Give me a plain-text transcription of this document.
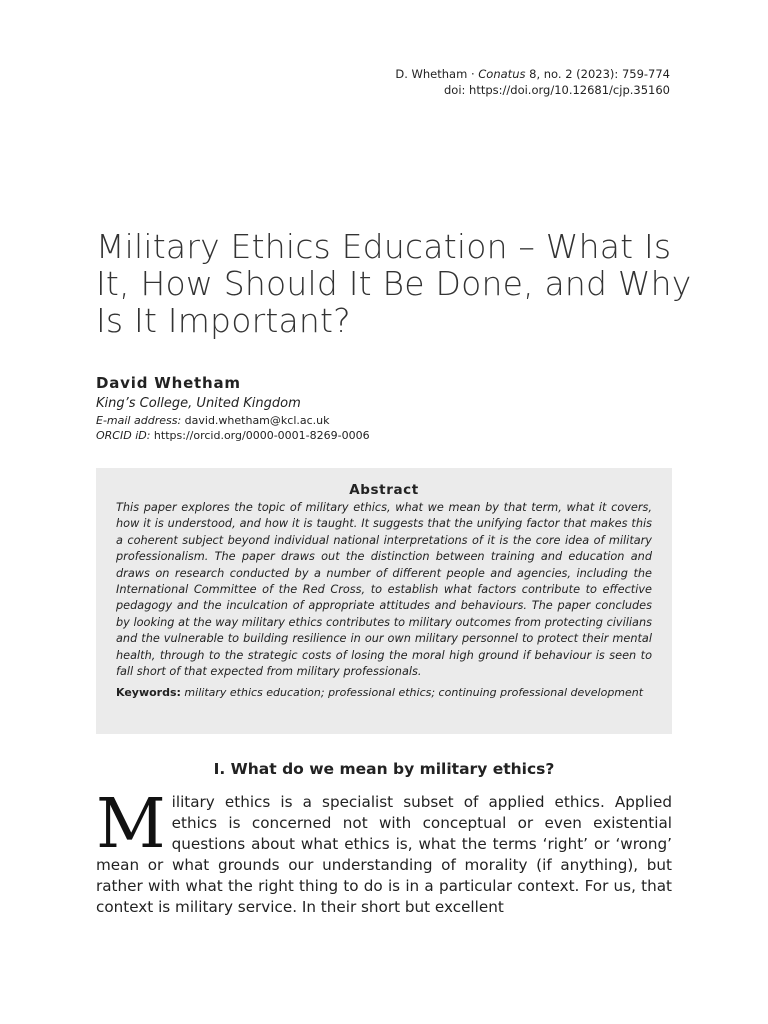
D. Whetham · Conatus 8, no. 2 (2023): 759-774
doi: https://doi.org/10.12681/cjp.35160
Military Ethics Education – What Is It, How Should It Be Done, and Why Is It Important?
David Whetham
King’s College, United Kingdom
E-mail address: david.whetham@kcl.ac.uk
ORCID iD: https://orcid.org/0000-0001-8269-0006
Abstract

This paper explores the topic of military ethics, what we mean by that term, what it covers, how it is understood, and how it is taught. It suggests that the unifying factor that makes this a coherent subject beyond individual national interpretations of it is the core idea of military professionalism. The paper draws out the distinction between training and education and draws on research conducted by a number of different people and agencies, including the International Committee of the Red Cross, to establish what factors contribute to effective pedagogy and the inculcation of appropriate attitudes and behaviours. The paper concludes by looking at the way military ethics contributes to military outcomes from protecting civilians and the vulnerable to building resilience in our own military personnel to protect their mental health, through to the strategic costs of losing the moral high ground if behaviour is seen to fall short of that expected from military professionals.

Keywords: military ethics education; professional ethics; continuing professional development
I. What do we mean by military ethics?

Military ethics is a specialist subset of applied ethics. Applied ethics is concerned not with conceptual or even existential questions about what ethics is, what the terms ‘right’ or ‘wrong’ mean or what grounds our understanding of morality (if anything), but rather with what the right thing to do is in a particular context. For us, that context is military service. In their short but excellent
